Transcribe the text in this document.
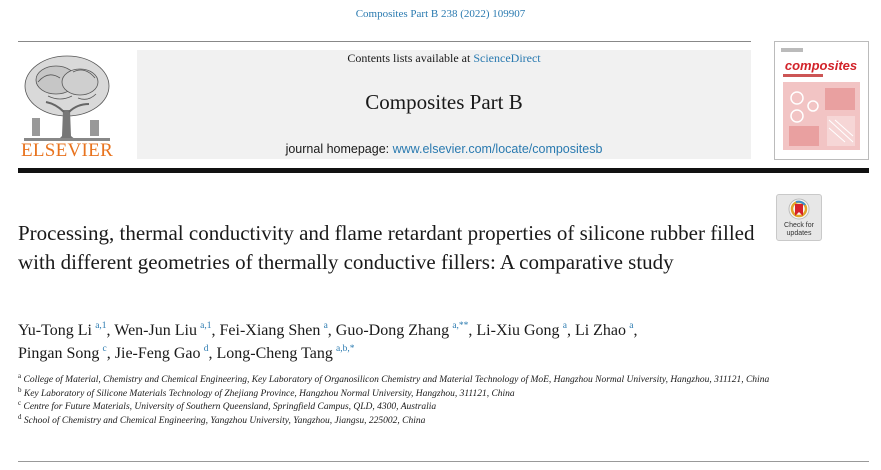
Composites Part B 238 (2022) 109907
ELSEVIER
Contents lists available at ScienceDirect
Composites Part B
journal homepage: www.elsevier.com/locate/compositesb
composites
Check for
updates
Processing, thermal conductivity and flame retardant properties of silicone rubber filled with different geometries of thermally conductive fillers: A comparative study
Yu-Tong Li  $^{a,1}$, Wen-Jun Liu  $^{a,1}$, Fei-Xiang Shen  $^a$, Guo-Dong Zhang  $^{a,**}$, Li-Xiu Gong  $^a$, Li Zhao  $^a$,
Pingan Song  $^c$, Jie-Feng Gao  $^d$, Long-Cheng Tang  $^{a,b,*}$
$^a$ College of Material, Chemistry and Chemical Engineering, Key Laboratory of Organosilicon Chemistry and Material Technology of MoE, Hangzhou Normal University, Hangzhou, 311121, China
$^b$ Key Laboratory of Silicone Materials Technology of Zhejiang Province, Hangzhou Normal University, Hangzhou, 311121, China
$^c$ Centre for Future Materials, University of Southern Queensland, Springfield Campus, QLD, 4300, Australia
$^d$ School of Chemistry and Chemical Engineering, Yangzhou University, Yangzhou, Jiangsu, 225002, China
